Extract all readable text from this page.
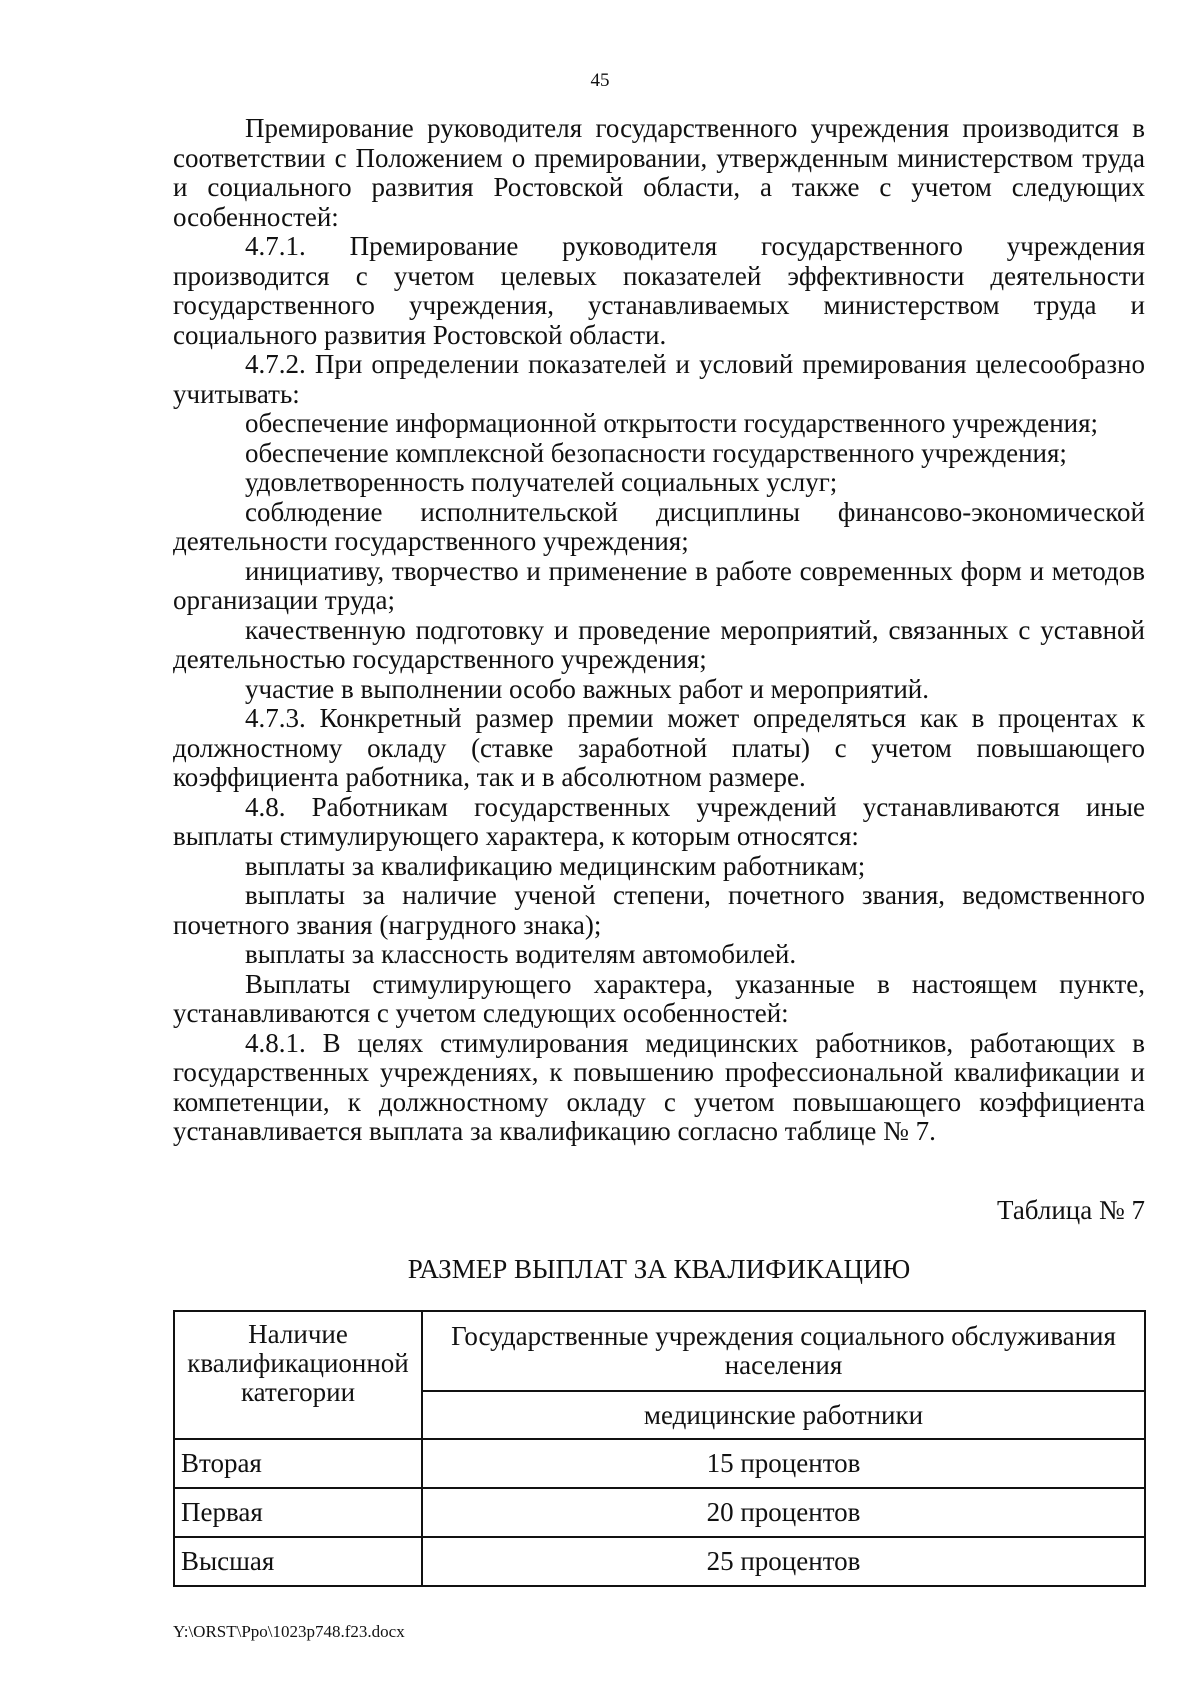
45

Премирование руководителя государственного учреждения производится в соответствии с Положением о премировании, утвержденным министерством труда и социального развития Ростовской области, а также с учетом следующих особенностей:

4.7.1. Премирование руководителя государственного учреждения производится с учетом целевых показателей эффективности деятельности государственного учреждения, устанавливаемых министерством труда и социального развития Ростовской области.

4.7.2. При определении показателей и условий премирования целесообразно учитывать:

обеспечение информационной открытости государственного учреждения;

обеспечение комплексной безопасности государственного учреждения;

удовлетворенность получателей социальных услуг;

соблюдение исполнительской дисциплины финансово-экономической деятельности государственного учреждения;

инициативу, творчество и применение в работе современных форм и методов организации труда;

качественную подготовку и проведение мероприятий, связанных с уставной деятельностью государственного учреждения;

участие в выполнении особо важных работ и мероприятий.

4.7.3. Конкретный размер премии может определяться как в процентах к должностному окладу (ставке заработной платы) с учетом повышающего коэффициента работника, так и в абсолютном размере.

4.8. Работникам государственных учреждений устанавливаются иные выплаты стимулирующего характера, к которым относятся:

выплаты за квалификацию медицинским работникам;

выплаты за наличие ученой степени, почетного звания, ведомственного почетного звания (нагрудного знака);

выплаты за классность водителям автомобилей.

Выплаты стимулирующего характера, указанные в настоящем пункте, устанавливаются с учетом следующих особенностей:

4.8.1. В целях стимулирования медицинских работников, работающих в государственных учреждениях, к повышению профессиональной квалификации и компетенции, к должностному окладу с учетом повышающего коэффициента устанавливается выплата за квалификацию согласно таблице № 7.

Таблица № 7
РАЗМЕР ВЫПЛАТ ЗА КВАЛИФИКАЦИЮ
Наличие квалификационной категории	Государственные учреждения социального обслуживания населения
	медицинские работники
Вторая	15 процентов
Первая	20 процентов
Высшая	25 процентов
Y:\ORST\Ppo\1023p748.f23.docx
